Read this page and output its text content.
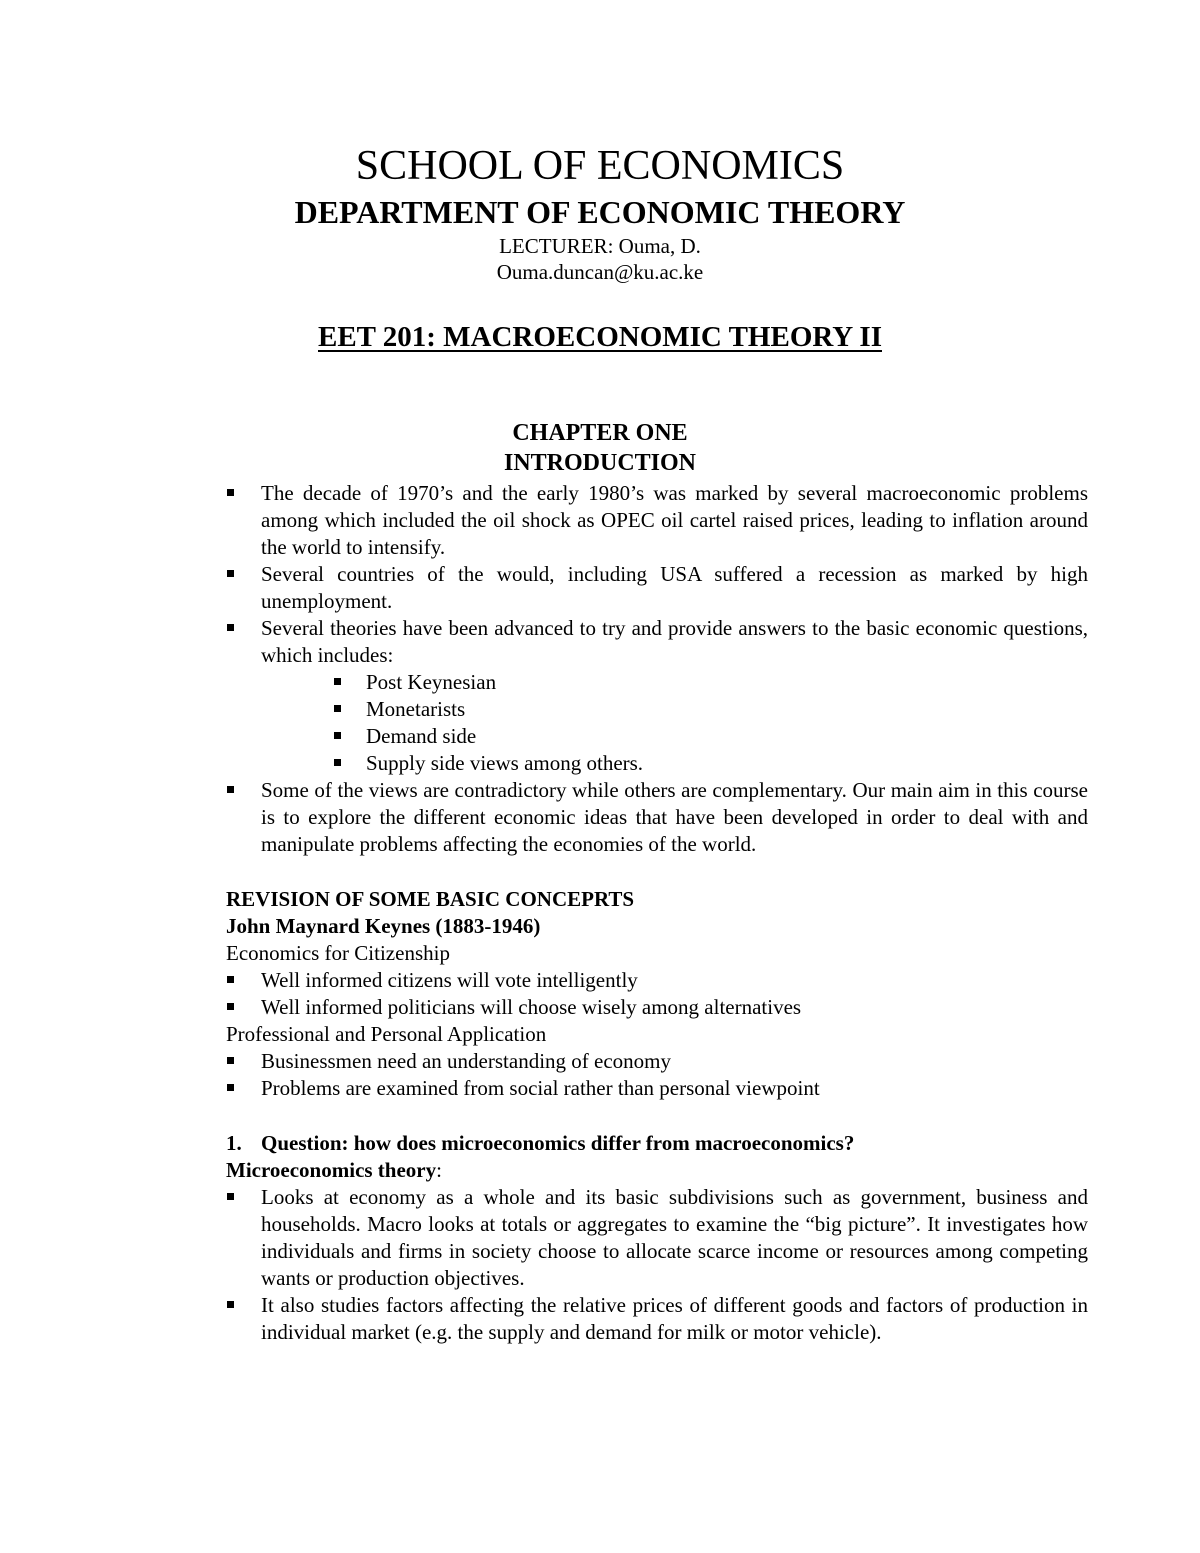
SCHOOL OF ECONOMICS
DEPARTMENT OF ECONOMIC THEORY
LECTURER: Ouma, D.
Ouma.duncan@ku.ac.ke
EET 201: MACROECONOMIC THEORY II
CHAPTER ONE
INTRODUCTION
The decade of 1970’s and the early 1980’s was marked by several macroeconomic problems among which included the oil shock as OPEC oil cartel raised prices, leading to inflation around the world to intensify.
Several countries of the would, including USA suffered a recession as marked by high unemployment.
Several theories have been advanced to try and provide answers to the basic economic questions, which includes:
Post Keynesian
Monetarists
Demand side
Supply side views among others.
Some of the views are contradictory while others are complementary. Our main aim in this course is to explore the different economic ideas that have been developed in order to deal with and manipulate problems affecting the economies of the world.

REVISION OF SOME BASIC CONCEPRTS

John Maynard Keynes (1883-1946)

Economics for Citizenship

Well informed citizens will vote intelligently
Well informed politicians will choose wisely among alternatives

Professional and Personal Application

Businessmen need an understanding of economy
Problems are examined from social rather than personal viewpoint

1. Question: how does microeconomics differ from macroeconomics?

Microeconomics theory:

Looks at economy as a whole and its basic subdivisions such as government, business and households. Macro looks at totals or aggregates to examine the “big picture”. It investigates how individuals and firms in society choose to allocate scarce income or resources among competing wants or production objectives.
It also studies factors affecting the relative prices of different goods and factors of production in individual market (e.g. the supply and demand for milk or motor vehicle).
